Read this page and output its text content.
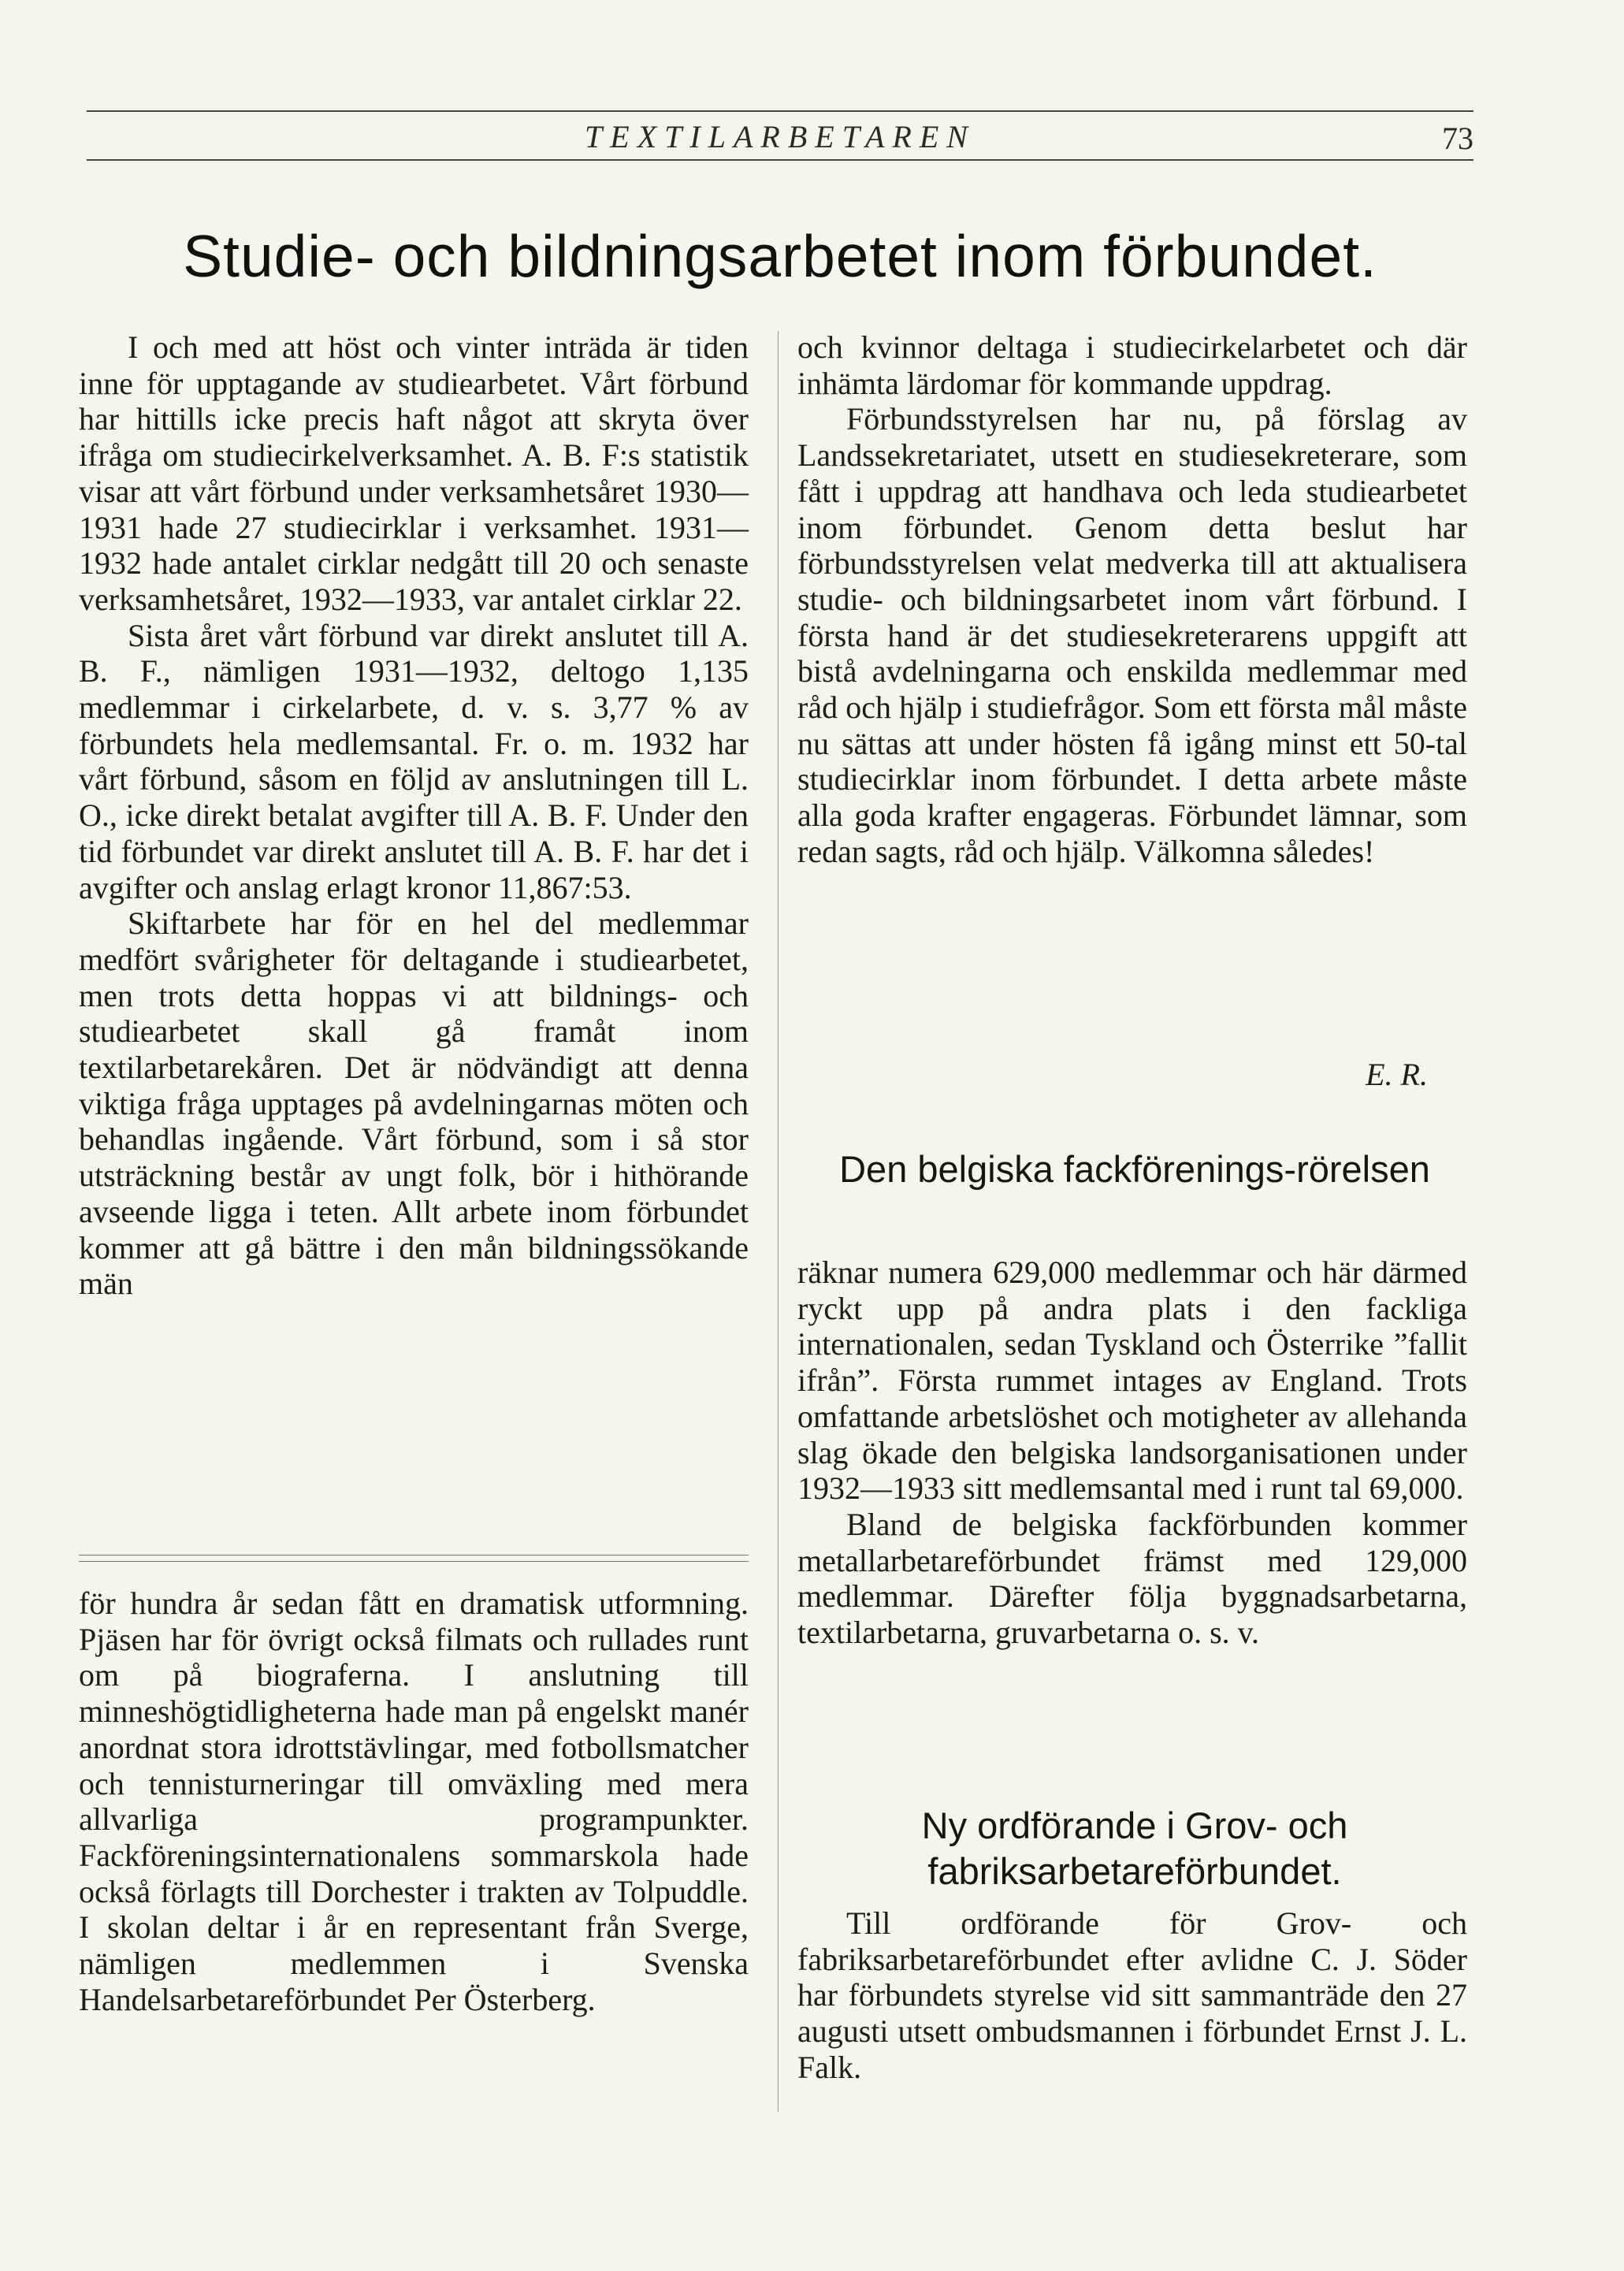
TEXTILARBETAREN	73
Studie- och bildningsarbetet inom förbundet.

I och med att höst och vinter inträda är tiden inne för upptagande av studiearbetet. Vårt förbund har hittills icke precis haft något att skryta över ifråga om studiecirkelverksamhet. A. B. F:s statistik visar att vårt förbund under verksamhetsåret 1930—1931 hade 27 studiecirklar i verksamhet. 1931—1932 hade antalet cirklar nedgått till 20 och senaste verksamhetsåret, 1932—1933, var antalet cirklar 22.

Sista året vårt förbund var direkt anslutet till A. B. F., nämligen 1931—1932, deltogo 1,135 medlemmar i cirkelarbete, d. v. s. 3,77 % av förbundets hela medlemsantal. Fr. o. m. 1932 har vårt förbund, såsom en följd av anslutningen till L. O., icke direkt betalat avgifter till A. B. F. Under den tid förbundet var direkt anslutet till A. B. F. har det i avgifter och anslag erlagt kronor 11,867:53.

Skiftarbete har för en hel del medlemmar medfört svårigheter för deltagande i studiearbetet, men trots detta hoppas vi att bildnings- och studiearbetet skall gå framåt inom textilarbetarekåren. Det är nödvändigt att denna viktiga fråga upptages på avdelningarnas möten och behandlas ingående. Vårt förbund, som i så stor utsträckning består av ungt folk, bör i hithörande avseende ligga i teten. Allt arbete inom förbundet kommer att gå bättre i den mån bildningssökande män

för hundra år sedan fått en dramatisk utformning. Pjäsen har för övrigt också filmats och rullades runt om på biograferna. I anslutning till minneshögtidligheterna hade man på engelskt manér anordnat stora idrottstävlingar, med fotbollsmatcher och tennisturneringar till omväxling med mera allvarliga programpunkter. Fackföreningsinternationalens sommarskola hade också förlagts till Dorchester i trakten av Tolpuddle. I skolan deltar i år en representant från Sverge, nämligen medlemmen i Svenska Handelsarbetareförbundet Per Österberg.

och kvinnor deltaga i studiecirkelarbetet och där inhämta lärdomar för kommande uppdrag.

Förbundsstyrelsen har nu, på förslag av Landssekretariatet, utsett en studiesekreterare, som fått i uppdrag att handhava och leda studiearbetet inom förbundet. Genom detta beslut har förbundsstyrelsen velat medverka till att aktualisera studie- och bildningsarbetet inom vårt förbund. I första hand är det studiesekreterarens uppgift att bistå avdelningarna och enskilda medlemmar med råd och hjälp i studiefrågor. Som ett första mål måste nu sättas att under hösten få igång minst ett 50-tal studiecirklar inom förbundet. I detta arbete måste alla goda krafter engageras. Förbundet lämnar, som redan sagts, råd och hjälp. Välkomna således!

E. R.
Den belgiska fackförenings-rörelsen

räknar numera 629,000 medlemmar och här därmed ryckt upp på andra plats i den fackliga internationalen, sedan Tyskland och Österrike ”fallit ifrån”. Första rummet intages av England. Trots omfattande arbetslöshet och motigheter av allehanda slag ökade den belgiska landsorganisationen under 1932—1933 sitt medlemsantal med i runt tal 69,000.

Bland de belgiska fackförbunden kommer metallarbetareförbundet främst med 129,000 medlemmar. Därefter följa byggnadsarbetarna, textilarbetarna, gruvarbetarna o. s. v.

Ny ordförande i Grov- och fabriksarbetareförbundet.

Till ordförande för Grov- och fabriksarbetareförbundet efter avlidne C. J. Söder har förbundets styrelse vid sitt sammanträde den 27 augusti utsett ombudsmannen i förbundet Ernst J. L. Falk.
